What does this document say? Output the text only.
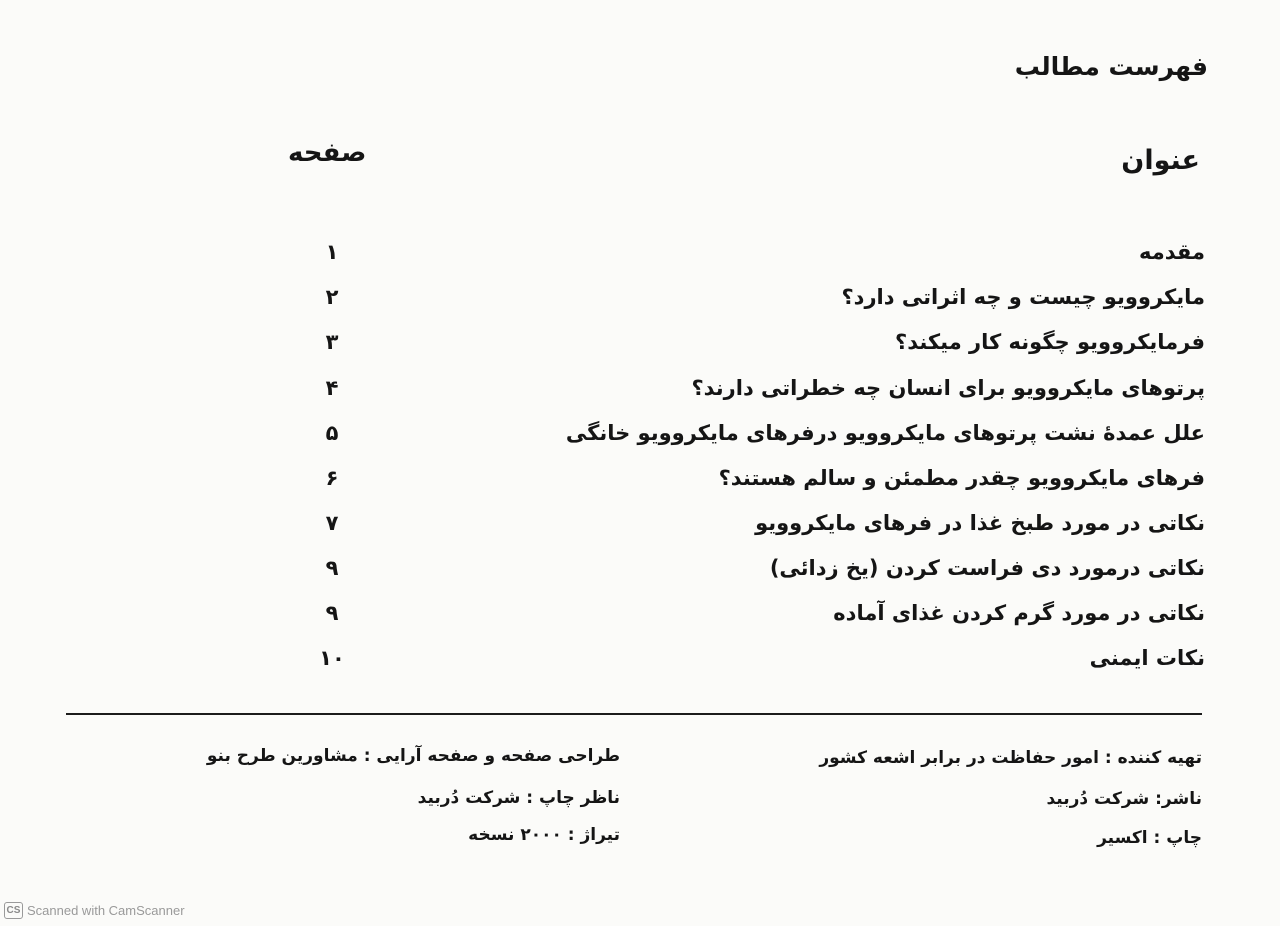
فهرست مطالب
عنوان
صفحه
مقدمه
۱
مایکروویو چیست و چه اثراتی دارد؟
۲
فرمایکروویو چگونه کار میکند؟
۳
پرتوهای مایکروویو برای انسان چه خطراتی دارند؟
۴
علل عمدهٔ نشت پرتوهای مایکروویو درفرهای مایکروویو خانگی
۵
فرهای مایکروویو چقدر مطمئن و سالم هستند؟
۶
نکاتی در مورد طبخ غذا در فرهای مایکروویو
۷
نکاتی درمورد دی فراست کردن (یخ زدائی)
۹
نکاتی در مورد گرم کردن غذای آماده
۹
نکات ایمنی
۱۰
تهیه کننده : امور حفاظت در برابر اشعه کشور
ناشر: شرکت دُربید
چاپ : اکسیر
طراحی صفحه و صفحه آرایی : مشاورین طرح بنو
ناظر چاپ : شرکت دُربید
تیراژ : ۲۰۰۰ نسخه
CS Scanned with CamScanner
